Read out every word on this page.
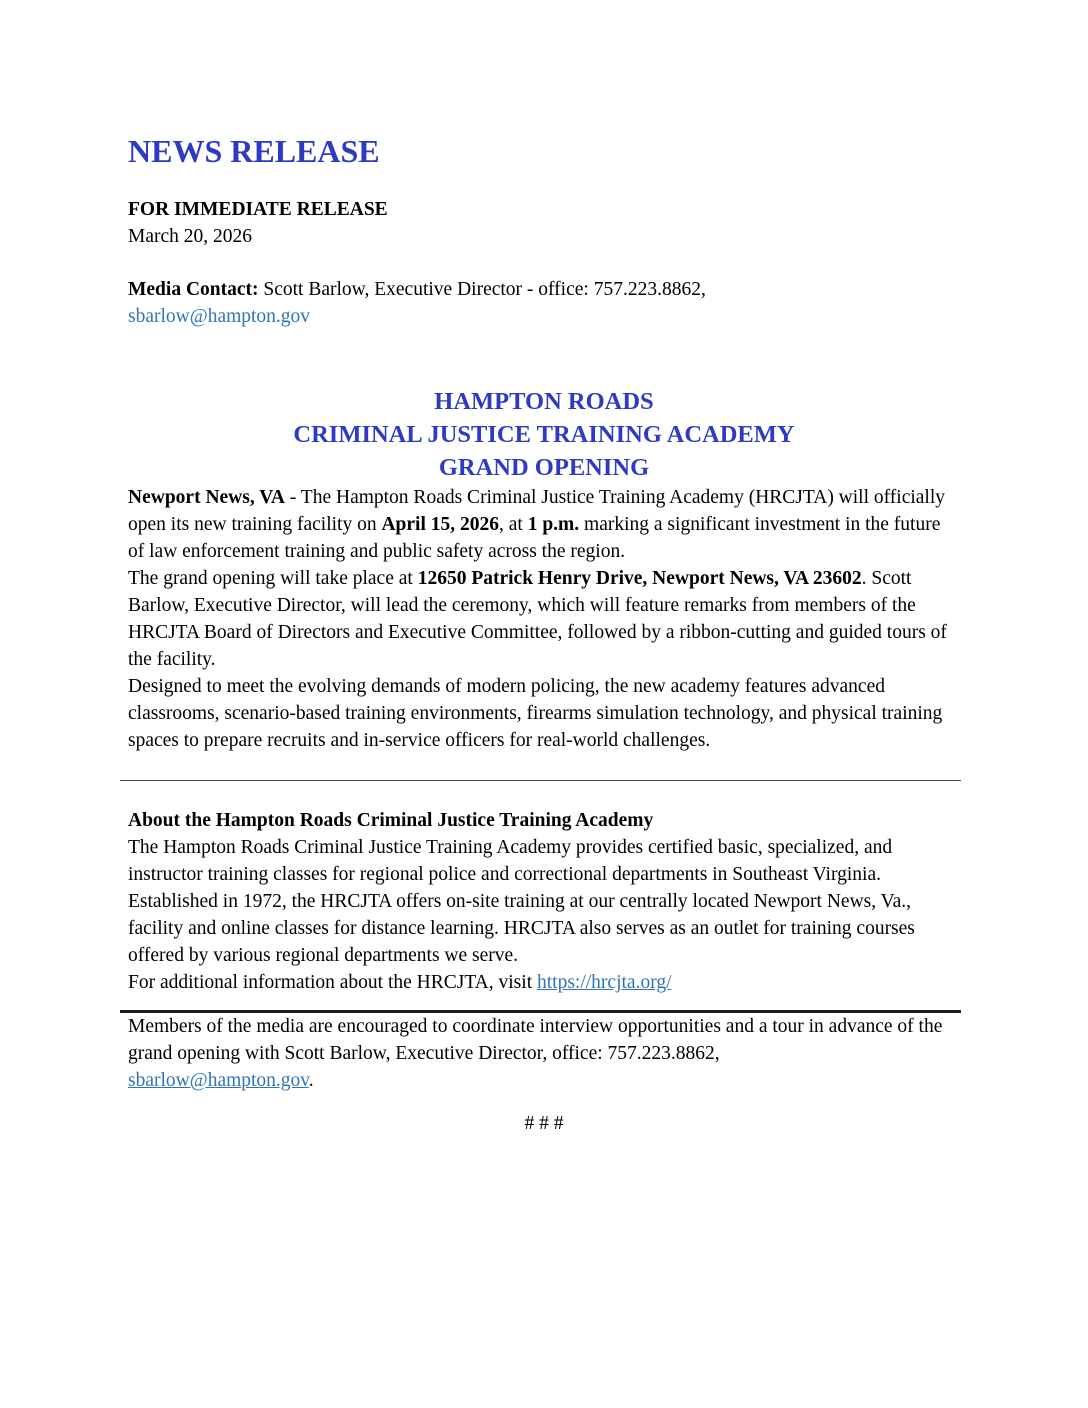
NEWS RELEASE
FOR IMMEDIATE RELEASE
March 20, 2026
Media Contact: Scott Barlow, Executive Director - office: 757.223.8862,
sbarlow@hampton.gov
HAMPTON ROADS
CRIMINAL JUSTICE TRAINING ACADEMY
GRAND OPENING

Newport News, VA - The Hampton Roads Criminal Justice Training Academy (HRCJTA) will officially open its new training facility on April 15, 2026, at 1 p.m. marking a significant investment in the future of law enforcement training and public safety across the region.

The grand opening will take place at 12650 Patrick Henry Drive, Newport News, VA 23602. Scott Barlow, Executive Director, will lead the ceremony, which will feature remarks from members of the HRCJTA Board of Directors and Executive Committee, followed by a ribbon-cutting and guided tours of the facility.

Designed to meet the evolving demands of modern policing, the new academy features advanced classrooms, scenario-based training environments, firearms simulation technology, and physical training spaces to prepare recruits and in-service officers for real-world challenges.

About the Hampton Roads Criminal Justice Training Academy

The Hampton Roads Criminal Justice Training Academy provides certified basic, specialized, and instructor training classes for regional police and correctional departments in Southeast Virginia. Established in 1972, the HRCJTA offers on-site training at our centrally located Newport News, Va., facility and online classes for distance learning. HRCJTA also serves as an outlet for training courses offered by various regional departments we serve.

For additional information about the HRCJTA, visit https://hrcjta.org/

Members of the media are encouraged to coordinate interview opportunities and a tour in advance of the grand opening with Scott Barlow, Executive Director, office: 757.223.8862,
sbarlow@hampton.gov.

# # #
